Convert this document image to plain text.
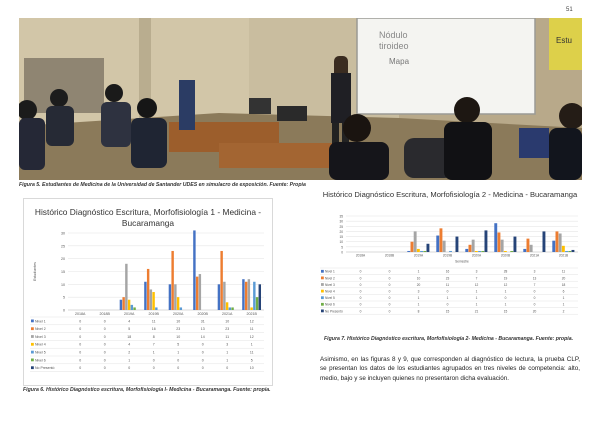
51
Estu
Nódulo
tiroideo
Mapa
Figura 5. Estudiantes de Medicina de la Universidad de Santander UDES en simulacro de exposición. Fuente: Propia
Histórico Diagnóstico Escritura, Morfofisiología 1 - Medicina - Bucaramanga
0
5
10
15
20
25
30
Estudiantes
2018A	2018B	2019A	2019B	2020A	2020B	2021A	2021B
Nivel 1	0	0	4	11	10	31	10	12
Nivel 2	0	0	5	16	23	13	23	11
Nivel 3	0	0	18	8	10	14	11	12
Nivel 4	0	0	4	7	5	0	3	1
Nivel 5	0	0	2	1	1	0	1	11
Nivel 6	0	0	1	0	0	0	1	5
No Presentó	0	0	0	0	0	0	0	10
Figura 6. Histórico Diagnóstico escritura, Morfofisiología I- Medicina - Bucaramanga. Fuente: propia.
Histórico Diagnóstico Escritura, Morfofisiología 2 - Medicina - Bucaramanga
0
5
10
15
20
25
30
35
2018A	2018B	2019A	2019B	2020A	2020B	2021A	2021B
Semestre
Nivel 1	0	0	1	16	3	28	3	11
Nivel 2	0	0	10	23	7	19	13	20
Nivel 3	0	0	20	11	12	12	7	18
Nivel 4	0	0	3	0	1	1	0	6
Nivel 5	0	0	1	1	1	0	0	1
Nivel 6	0	0	1	0	1	1	0	1
No Presentó	0	0	8	15	21	15	20	2
Figura 7. Histórico Diagnóstico escritura, Morfofisiología 2- Medicina - Bucaramanga. Fuente: propia.
Asimismo, en las figuras 8 y 9, que corresponden al diagnóstico de lectura, la prueba CLP, se presentan los datos de los estudiantes agrupados en tres niveles de competencia: alto, medio, bajo y se incluyen quienes no presentaron dicha evaluación.
